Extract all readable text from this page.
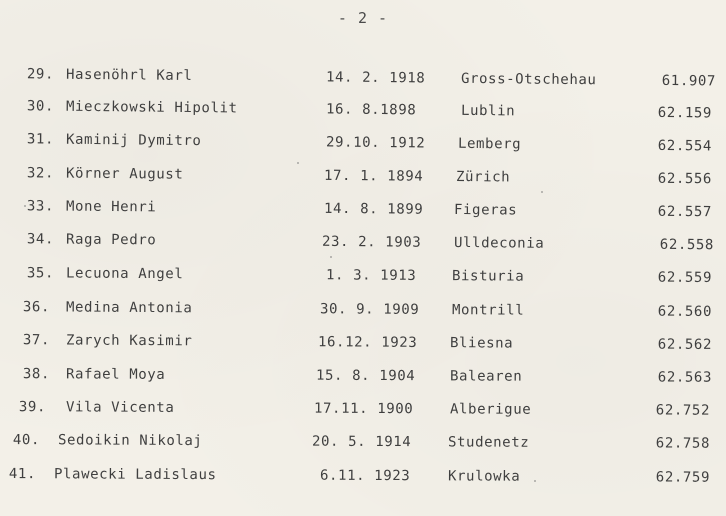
- 2 -
29. Hasenöhrl Karl	14. 2. 1918	Gross-Otschehau	61.907
30. Mieczkowski Hipolit	16. 8.1898	Lublin	62.159
31. Kaminij Dymitro	29.10. 1912 Lemberg	62.554
32. Körner August	17. 1. 1894 Zürich	62.556
33. Mone Henri	14. 8. 1899 Figeras	62.557
34. Raga Pedro	23. 2. 1903 Ulldeconia	62.558
35. Lecuona Angel	1. 3. 1913	Bisturia	62.559
36. Medina Antonia	30. 9. 1909 Montrill	62.560
37. Zarych Kasimir	16.12. 1923 Bliesna	62.562
38. Rafael Moya	15. 8. 1904 Balearen	62.563
39. Vila Vicenta	17.11. 1900	Alberigue	62.752
40. Sedoikin Nikolaj	20. 5. 1914	Studenetz	62.758
41. Plawecki Ladislaus	6.11. 1923	Krulowka	62.759
